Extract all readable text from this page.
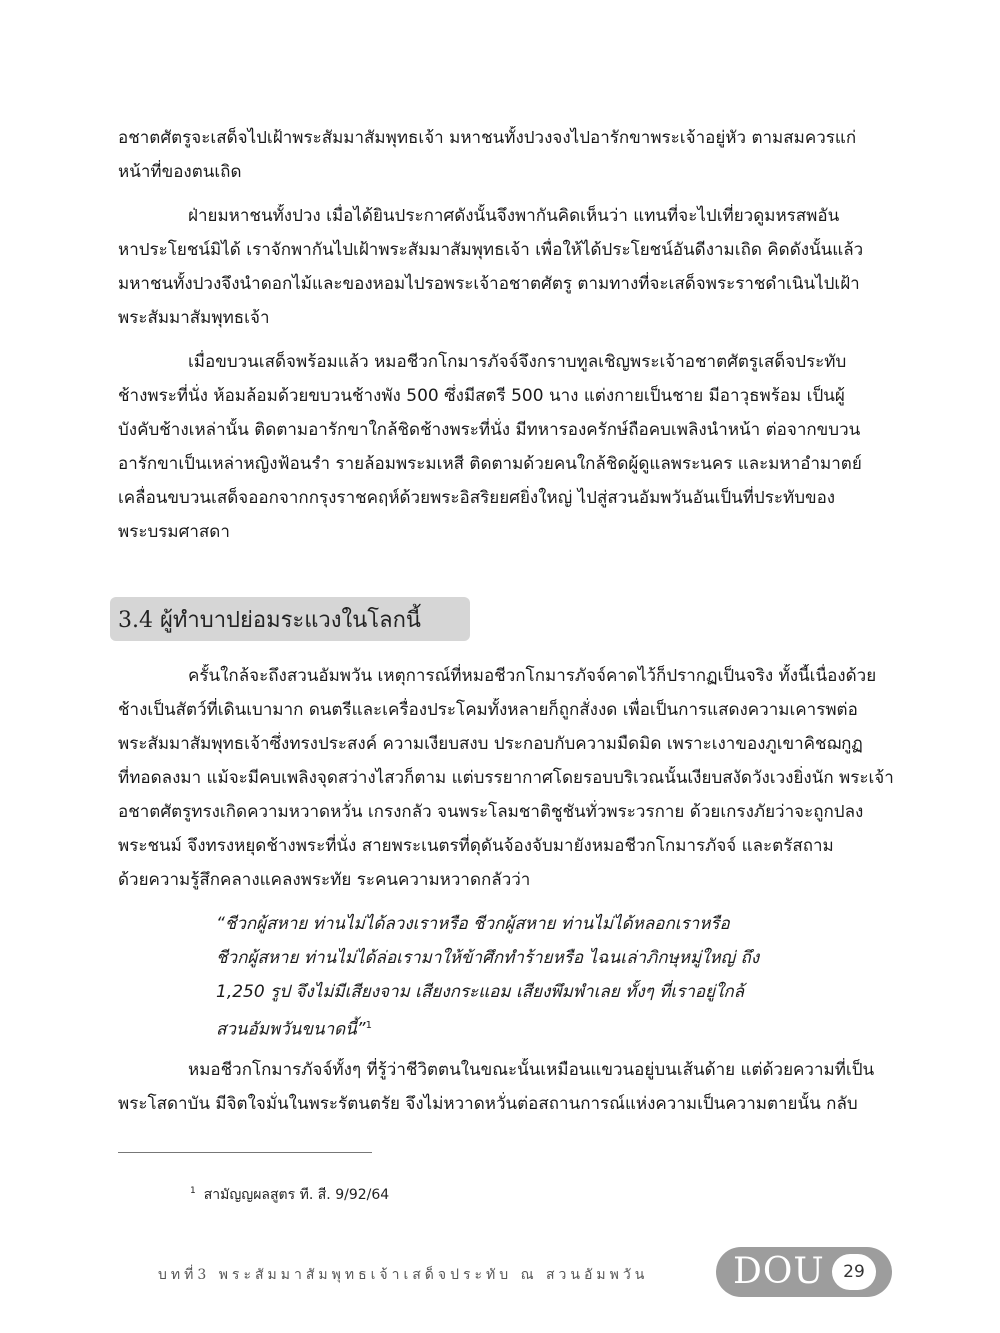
อชาตศัตรูจะเสด็จไปเฝ้าพระสัมมาสัมพุทธเจ้า มหาชนทั้งปวงจงไปอารักขาพระเจ้าอยู่หัว ตามสมควรแก่
หน้าที่ของตนเถิด
ฝ่ายมหาชนทั้งปวง เมื่อได้ยินประกาศดังนั้นจึงพากันคิดเห็นว่า แทนที่จะไปเที่ยวดูมหรสพอัน
หาประโยชน์มิได้ เราจักพากันไปเฝ้าพระสัมมาสัมพุทธเจ้า เพื่อให้ได้ประโยชน์อันดีงามเถิด คิดดังนั้นแล้ว
มหาชนทั้งปวงจึงนำดอกไม้และของหอมไปรอพระเจ้าอชาตศัตรู ตามทางที่จะเสด็จพระราชดำเนินไปเฝ้า
พระสัมมาสัมพุทธเจ้า
เมื่อขบวนเสด็จพร้อมแล้ว หมอชีวกโกมารภัจจ์จึงกราบทูลเชิญพระเจ้าอชาตศัตรูเสด็จประทับ
ช้างพระที่นั่ง ห้อมล้อมด้วยขบวนช้างพัง 500 ซึ่งมีสตรี 500 นาง แต่งกายเป็นชาย มีอาวุธพร้อม เป็นผู้
บังคับช้างเหล่านั้น ติดตามอารักขาใกล้ชิดช้างพระที่นั่ง มีทหารองครักษ์ถือคบเพลิงนำหน้า ต่อจากขบวน
อารักขาเป็นเหล่าหญิงฟ้อนรำ รายล้อมพระมเหสี ติดตามด้วยคนใกล้ชิดผู้ดูแลพระนคร และมหาอำมาตย์
เคลื่อนขบวนเสด็จออกจากกรุงราชคฤห์ด้วยพระอิสริยยศยิ่งใหญ่ ไปสู่สวนอัมพวันอันเป็นที่ประทับของ
พระบรมศาสดา
3.4 ผู้ทำบาปย่อมระแวงในโลกนี้
ครั้นใกล้จะถึงสวนอัมพวัน เหตุการณ์ที่หมอชีวกโกมารภัจจ์คาดไว้ก็ปรากฏเป็นจริง ทั้งนี้เนื่องด้วย
ช้างเป็นสัตว์ที่เดินเบามาก ดนตรีและเครื่องประโคมทั้งหลายก็ถูกสั่งงด เพื่อเป็นการแสดงความเคารพต่อ
พระสัมมาสัมพุทธเจ้าซึ่งทรงประสงค์ ความเงียบสงบ ประกอบกับความมืดมิด เพราะเงาของภูเขาคิชฌกูฏ
ที่ทอดลงมา แม้จะมีคบเพลิงจุดสว่างไสวก็ตาม แต่บรรยากาศโดยรอบบริเวณนั้นเงียบสงัดวังเวงยิ่งนัก พระเจ้า
อชาตศัตรูทรงเกิดความหวาดหวั่น เกรงกลัว จนพระโลมชาติชูชันทั่วพระวรกาย ด้วยเกรงภัยว่าจะถูกปลง
พระชนม์ จึงทรงหยุดช้างพระที่นั่ง สายพระเนตรที่ดุดันจ้องจับมายังหมอชีวกโกมารภัจจ์ และตรัสถาม
ด้วยความรู้สึกคลางแคลงพระทัย ระคนความหวาดกลัวว่า
“ชีวกผู้สหาย ท่านไม่ได้ลวงเราหรือ ชีวกผู้สหาย ท่านไม่ได้หลอกเราหรือ
ชีวกผู้สหาย ท่านไม่ได้ล่อเรามาให้ข้าศึกทำร้ายหรือ ไฉนเล่าภิกษุหมู่ใหญ่ ถึง
1,250 รูป จึงไม่มีเสียงจาม เสียงกระแอม เสียงพึมพำเลย ทั้งๆ ที่เราอยู่ใกล้
สวนอัมพวันขนาดนี้”$^1$
หมอชีวกโกมารภัจจ์ทั้งๆ ที่รู้ว่าชีวิตตนในขณะนั้นเหมือนแขวนอยู่บนเส้นด้าย แต่ด้วยความที่เป็น
พระโสดาบัน มีจิตใจมั่นในพระรัตนตรัย จึงไม่หวาดหวั่นต่อสถานการณ์แห่งความเป็นความตายนั้น กลับ
$^1$ สามัญญผลสูตร ที. สี. 9/92/64
บทที่3 พระสัมมาสัมพุทธเจ้าเสด็จประทับ ณ สวนอัมพวัน	DOU	29
